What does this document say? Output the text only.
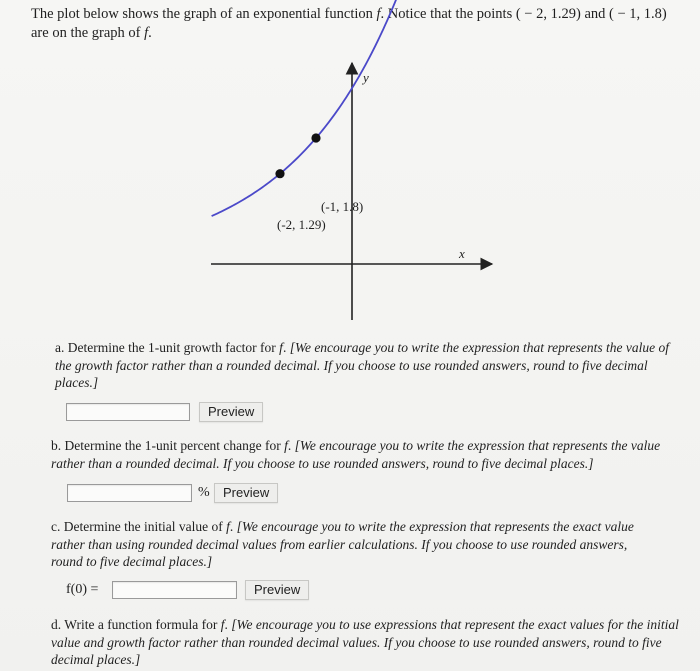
The plot below shows the graph of an exponential function f. Notice that the points ( − 2, 1.29) and ( − 1, 1.8) are on the graph of f.
x
y
(-2, 1.29)
(-1, 1.8)
a. Determine the 1-unit growth factor for f. [We encourage you to write the expression that represents the value of the growth factor rather than a rounded decimal. If you choose to use rounded answers, round to five decimal places.]
Preview
b. Determine the 1-unit percent change for f. [We encourage you to write the expression that represents the value rather than a rounded decimal. If you choose to use rounded answers, round to five decimal places.]
%	Preview
c. Determine the initial value of f. [We encourage you to write the expression that represents the exact value rather than using rounded decimal values from earlier calculations. If you choose to use rounded answers, round to five decimal places.]
f(0) =	Preview
d. Write a function formula for f. [We encourage you to use expressions that represent the exact values for the initial value and growth factor rather than rounded decimal values. If you choose to use rounded answers, round to five decimal places.]
